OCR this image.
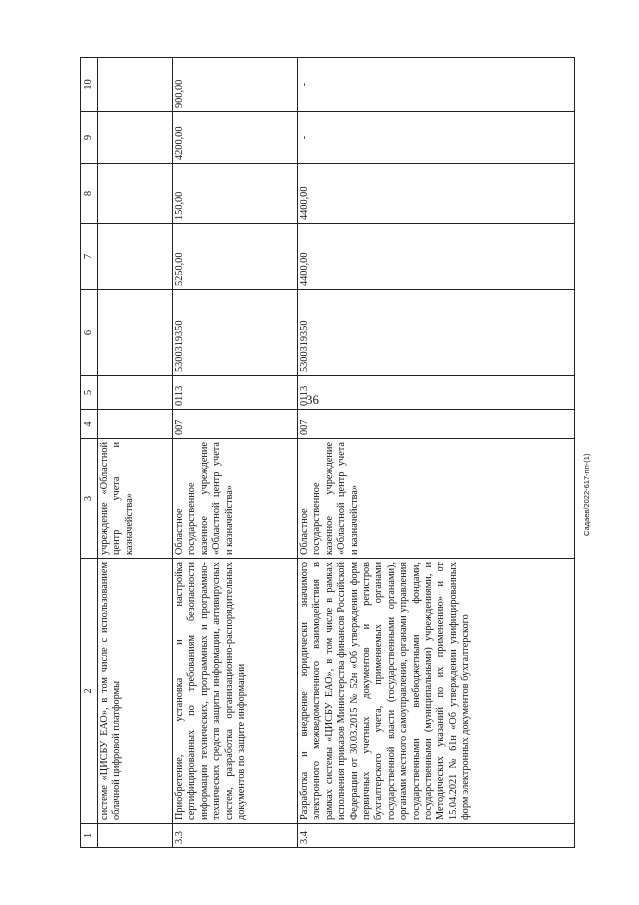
36
Садаев/2022-617-пп-(1)
1	2	3	4	5	6	7	8	9	10
	системе «ЦИСБУ ЕАО», в том числе с использованием облачной цифровой платформы	учреждение «Областной центр учета и казначейства»							
3.3	Приобретение, установка и настройка сертифицированных по требованиям безопасности информации технических, программных и программно-технических средств защиты информации, антивирусных систем, разработка организационно-распорядительных документов по защите информации	Областное государственное казенное учреждение «Областной центр учета и казначейства»	007	0113	5300319350	5250,00	150,00	4200,00	900,00
3.4	Разработка и внедрение юридически значимого электронного межведомственного взаимодействия в рамках системы «ЦИСБУ ЕАО», в том числе в рамках исполнения приказов Министерства финансов Российской Федерации от 30.03.2015 № 52н «Об утверждении форм первичных учетных документов и регистров бухгалтерского учета, применяемых органами государственной власти (государственными органами), органами местного самоуправления, органами управления государственными внебюджетными фондами, государственными (муниципальными) учреждениями, и Методических указаний по их применению» и от 15.04.2021 № 61н «Об утверждении унифицированных форм электронных документов бухгалтерского	Областное государственное казенное учреждение «Областной центр учета и казначейства»	007	0113	5300319350	4400,00	4400,00	-	-
